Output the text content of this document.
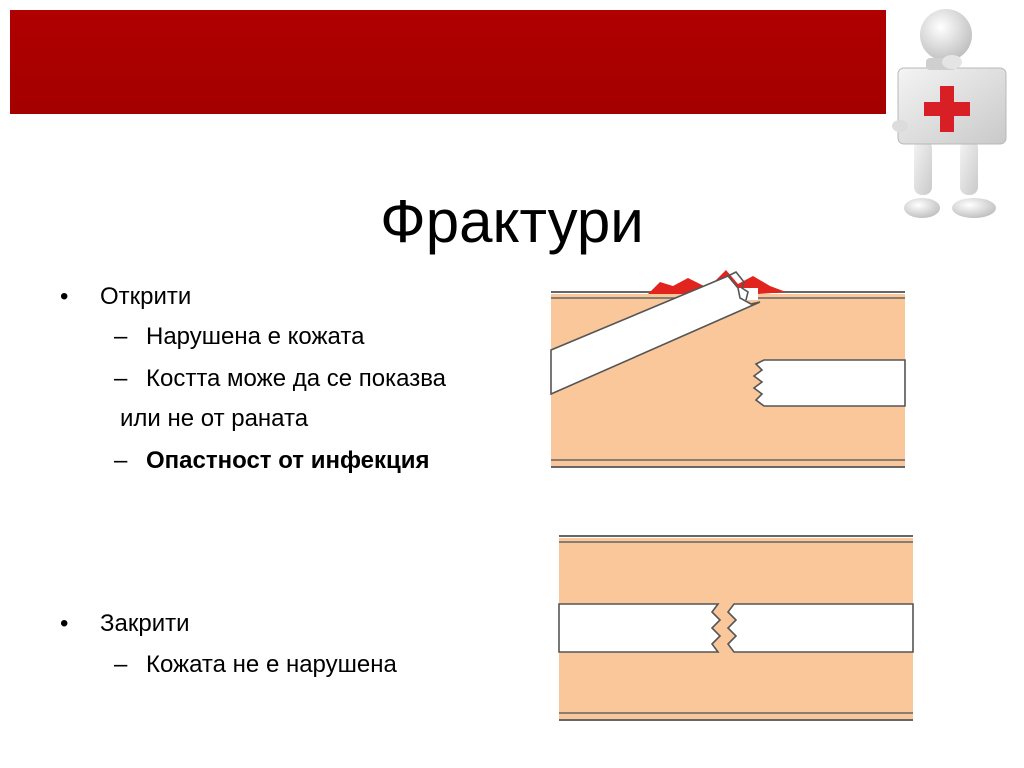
Фрактури
• Открити
– Нарушена е кожата
– Костта може да се показва
или не от раната
– Опастност от инфекция
• Закрити
– Кожата не е нарушена
